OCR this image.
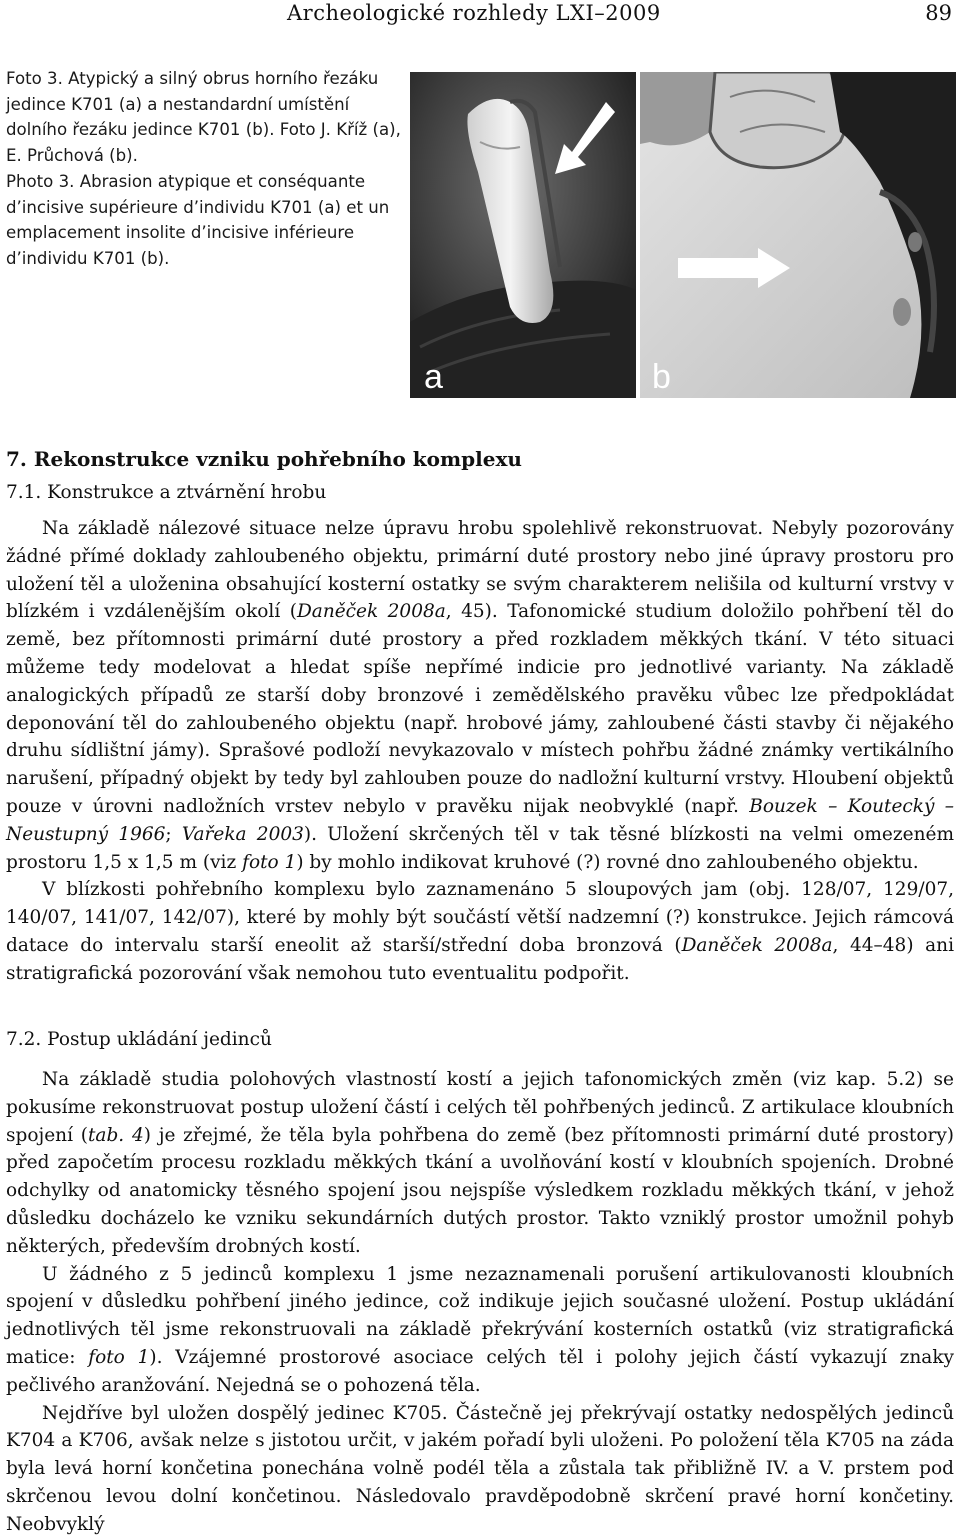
Archeologické rozhledy LXI–2009	89

Foto 3. Atypický a silný obrus horního řezáku jedince K701 (a) a nestandardní umístění dolního řezáku jedince K701 (b). Foto J. Kříž (a), E. Průchová (b).

Photo 3. Abrasion atypique et conséquante d’incisive supérieure d’individu K701 (a) et un emplacement insolite d’incisive inférieure d’individu K701 (b).

a	b
7. Rekonstrukce vzniku pohřebního komplexu
7.1. Konstrukce a ztvárnění hrobu

Na základě nálezové situace nelze úpravu hrobu spolehlivě rekonstruovat. Nebyly pozorovány žádné přímé doklady zahloubeného objektu, primární duté prostory nebo jiné úpravy prostoru pro uložení těl a uloženina obsahující kosterní ostatky se svým charakterem nelišila od kulturní vrstvy v blízkém i vzdálenějším okolí (Daněček 2008a, 45). Tafonomické studium doložilo pohřbení těl do země, bez přítomnosti primární duté prostory a před rozkladem měkkých tkání. V této situaci můžeme tedy modelovat a hledat spíše nepřímé indicie pro jednotlivé varianty. Na základě analogických případů ze starší doby bronzové i zemědělského pravěku vůbec lze předpokládat deponování těl do zahloubeného objektu (např. hrobové jámy, zahloubené části stavby či nějakého druhu sídlištní jámy). Sprašové podloží nevykazovalo v místech pohřbu žádné známky vertikálního narušení, případný objekt by tedy byl zahlouben pouze do nadložní kulturní vrstvy. Hloubení objektů pouze v úrovni nadložních vrstev nebylo v pravěku nijak neobvyklé (např. Bouzek – Koutecký – Neustupný 1966; Vařeka 2003). Uložení skrčených těl v tak těsné blízkosti na velmi omezeném prostoru 1,5 x 1,5 m (viz foto 1) by mohlo indikovat kruhové (?) rovné dno zahloubeného objektu.

V blízkosti pohřebního komplexu bylo zaznamenáno 5 sloupových jam (obj. 128/07, 129/07, 140/07, 141/07, 142/07), které by mohly být součástí větší nadzemní (?) konstrukce. Jejich rámcová datace do intervalu starší eneolit až starší/střední doba bronzová (Daněček 2008a, 44–48) ani stratigrafická pozorování však nemohou tuto eventualitu podpořit.

7.2. Postup ukládání jedinců

Na základě studia polohových vlastností kostí a jejich tafonomických změn (viz kap. 5.2) se pokusíme rekonstruovat postup uložení částí i celých těl pohřbených jedinců. Z artikulace kloubních spojení (tab. 4) je zřejmé, že těla byla pohřbena do země (bez přítomnosti primární duté prostory) před započetím procesu rozkladu měkkých tkání a uvolňování kostí v kloubních spojeních. Drobné odchylky od anatomicky těsného spojení jsou nejspíše výsledkem rozkladu měkkých tkání, v jehož důsledku docházelo ke vzniku sekundárních dutých prostor. Takto vzniklý prostor umožnil pohyb některých, především drobných kostí.

U žádného z 5 jedinců komplexu 1 jsme nezaznamenali porušení artikulovanosti kloubních spojení v důsledku pohřbení jiného jedince, což indikuje jejich současné uložení. Postup ukládání jednotlivých těl jsme rekonstruovali na základě překrývání kosterních ostatků (viz stratigrafická matice: foto 1). Vzájemné prostorové asociace celých těl i polohy jejich částí vykazují znaky pečlivého aranžování. Nejedná se o pohozená těla.

Nejdříve byl uložen dospělý jedinec K705. Částečně jej překrývají ostatky nedospělých jedinců K704 a K706, avšak nelze s jistotou určit, v jakém pořadí byli uloženi. Po položení těla K705 na záda byla levá horní končetina ponechána volně podél těla a zůstala tak přibližně IV. a V. prstem pod skrčenou levou dolní končetinou. Následovalo pravděpodobně skrčení pravé horní končetiny. Neobvyklý
